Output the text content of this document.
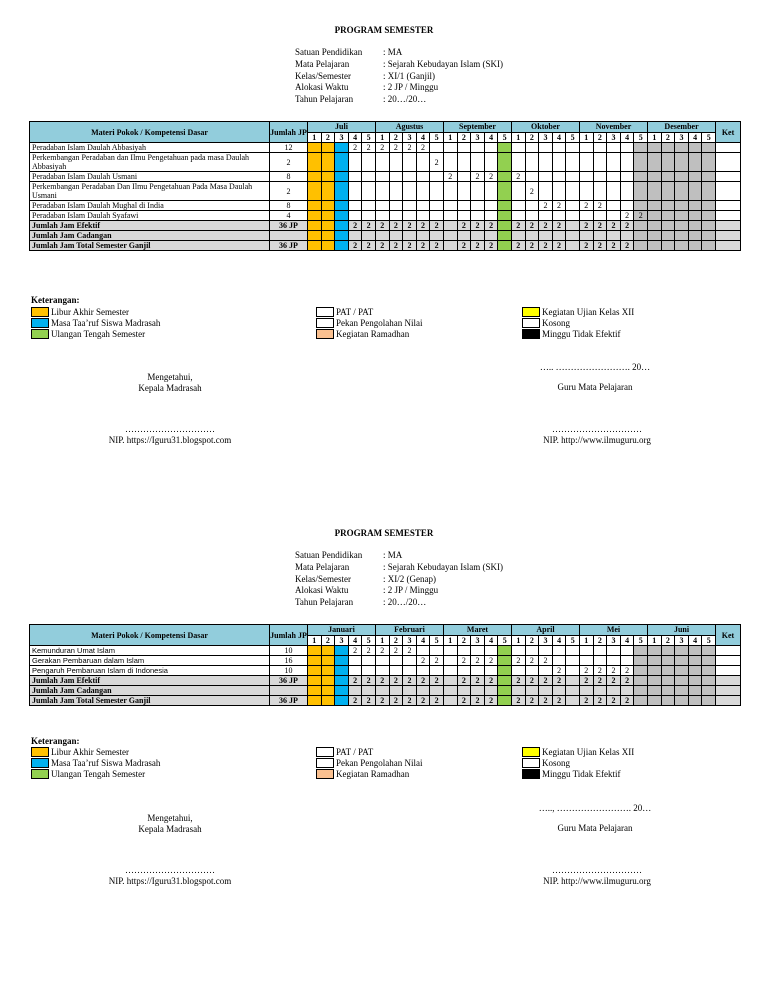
PROGRAM SEMESTER
Satuan Pendidikan	: MA
Mata Pelajaran	: Sejarah Kebudayan Islam (SKI)
Kelas/Semester	: XI/1 (Ganjil)
Alokasi Waktu	: 2 JP / Minggu
Tahun Pelajaran	: 20…/20…
Materi Pokok / Kompetensi Dasar	Jumlah JP	Juli					Agustus					September					Oktober					November					Desember					Ket
		1	2	3	4	5	1	2	3	4	5	1	2	3	4	5	1	2	3	4	5	1	2	3	4	5	1	2	3	4	5	
Peradaban Islam Daulah Abbasiyah	12				2	2	2	2	2	2																						
Perkembangan Peradaban dan Ilmu Pengetahuan pada masa Daulah Abbasiyah	2										2																					
Peradaban Islam Daulah Usmani	8											2		2	2		2															
Perkembangan Peradaban Dan Ilmu Pengetahuan Pada Masa Daulah Usmani	2																	2														
Peradaban Islam Daulah Mughal di India	8																		2	2		2	2									
Peradaban Islam Daulah Syafawi	4																								2	2						
Jumlah Jam Efektif	36 JP				2	2	2	2	2	2	2		2	2	2		2	2	2	2		2	2	2	2							
Jumlah Jam Cadangan																																
Jumlah Jam Total Semester Ganjil	36 JP				2	2	2	2	2	2	2		2	2	2		2	2	2	2		2	2	2	2							
Keterangan:
Libur Akhir Semester
Masa Taa’ruf Siswa Madrasah
Ulangan Tengah Semester
PAT / PAT
Pekan Pengolahan Nilai
Kegiatan Ramadhan
Kegiatan Ujian Kelas XII
Kosong
Minggu Tidak Efektif
Mengetahui,
Kepala Madrasah
…………………………
NIP. https://Iguru31.blogspot.com
….. ……………………. 20…
Guru Mata Pelajaran
…………………………
NIP. http://www.ilmuguru.org
PROGRAM SEMESTER
Satuan Pendidikan	: MA
Mata Pelajaran	: Sejarah Kebudayan Islam (SKI)
Kelas/Semester	: XI/2 (Genap)
Alokasi Waktu	: 2 JP / Minggu
Tahun Pelajaran	: 20…/20…
Materi Pokok / Kompetensi Dasar	Jumlah JP	Januari					Februari					Maret					April					Mei					Juni					Ket
		1	2	3	4	5	1	2	3	4	5	1	2	3	4	5	1	2	3	4	5	1	2	3	4	5	1	2	3	4	5	
Kemunduran Umat Islam	10				2	2	2	2	2																							
Gerakan Pembaruan dalam Islam	16									2	2		2	2	2		2	2	2													
Pengaruh Pembaruan Islam di Indonesia	10																			2		2	2	2	2							
Jumlah Jam Efektif	36 JP				2	2	2	2	2	2	2		2	2	2		2	2	2	2		2	2	2	2							
Jumlah Jam Cadangan																																
Jumlah Jam Total Semester Ganjil	36 JP				2	2	2	2	2	2	2		2	2	2		2	2	2	2		2	2	2	2							
Keterangan:
Libur Akhir Semester
Masa Taa’ruf Siswa Madrasah
Ulangan Tengah Semester
PAT / PAT
Pekan Pengolahan Nilai
Kegiatan Ramadhan
Kegiatan Ujian Kelas XII
Kosong
Minggu Tidak Efektif
Mengetahui,
Kepala Madrasah
…………………………
NIP. https://Iguru31.blogspot.com
….., ……………………. 20…
Guru Mata Pelajaran
…………………………
NIP. http://www.ilmuguru.org
